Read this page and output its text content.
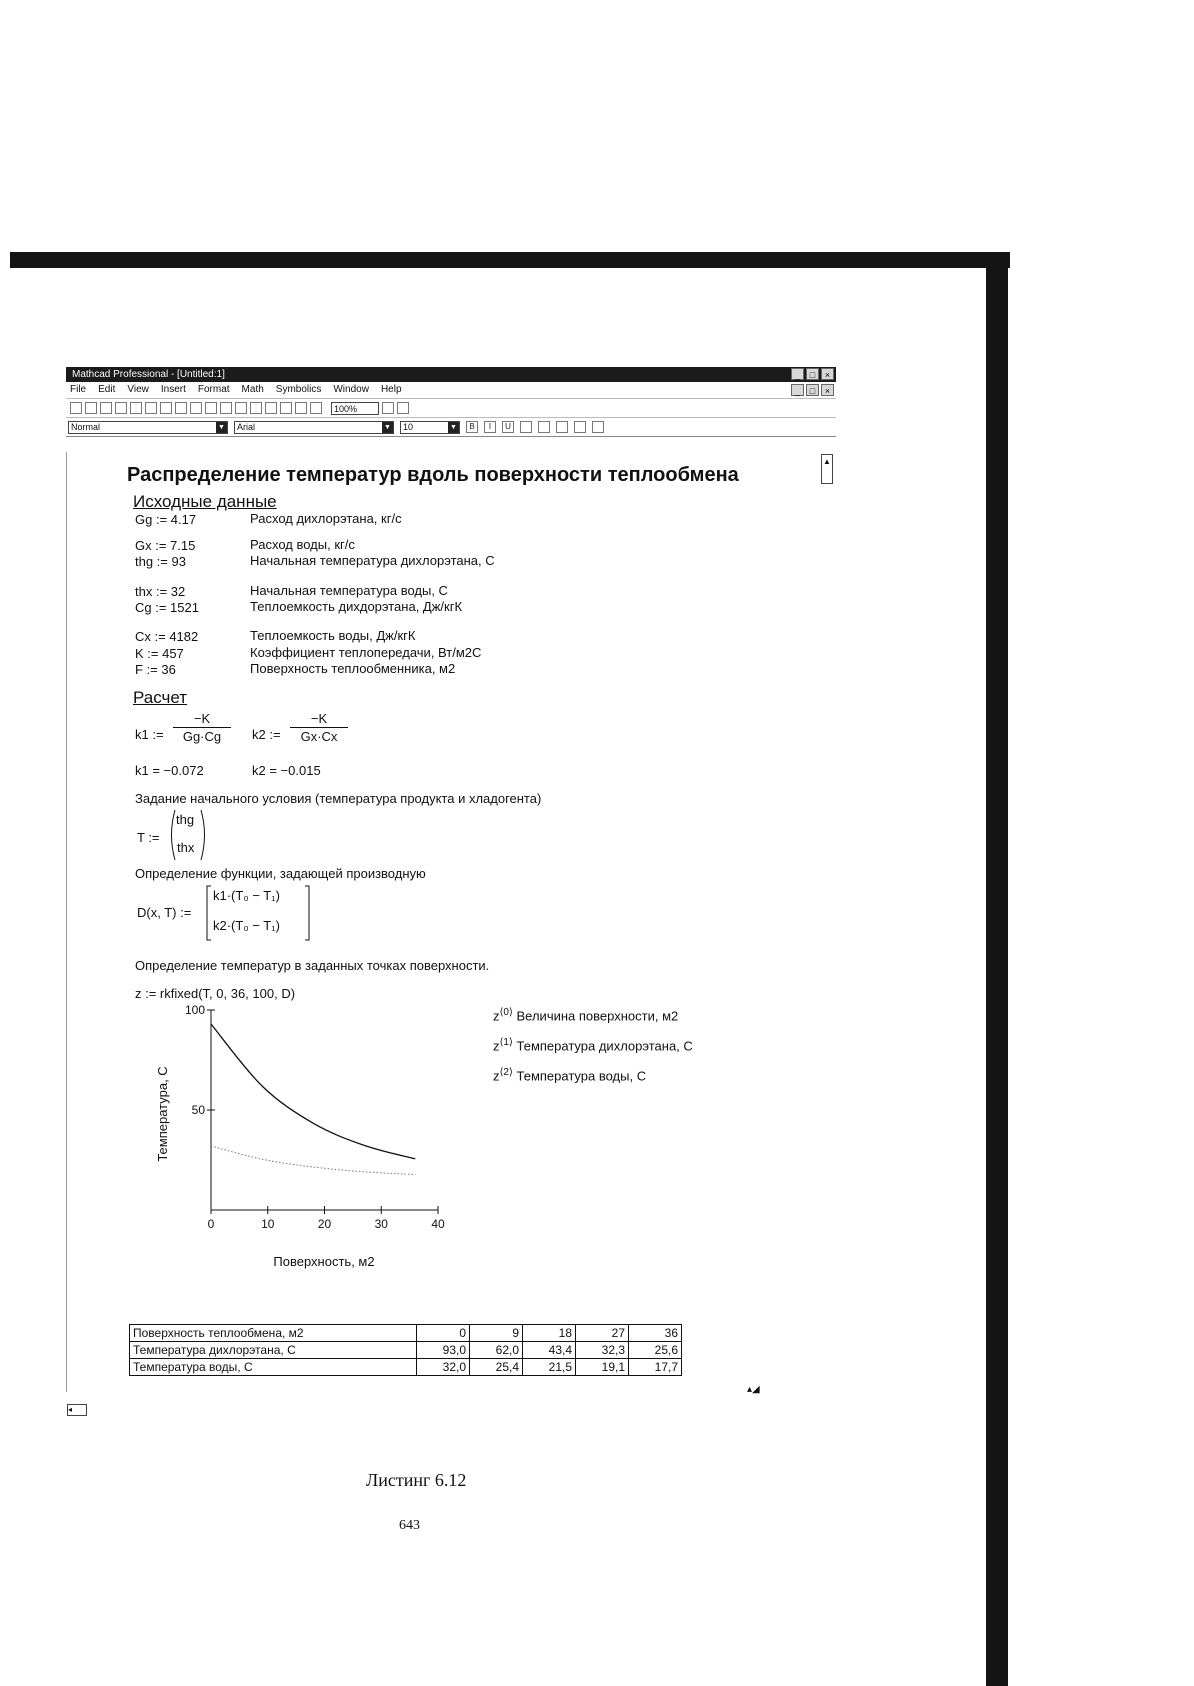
Mathcad Professional - [Untitled:1]	_	□	×
File Edit View Insert Format Math Symbolics Window Help	_	□	×
100%
Normal	▼	Arial	▼	10	▼	B	I	U
▲
Распределение температур вдоль поверхности теплообмена
Исходные данные
Gg := 4.17	Расход дихлорэтана, кг/с
Gx := 7.15	Расход воды, кг/с
thg := 93	Начальная температура дихлорэтана, С
thx := 32	Начальная температура воды, С
Cg := 1521	Теплоемкость дихдорэтана, Дж/кгК
Cx := 4182	Теплоемкость воды, Дж/кгК
K := 457	Коэффициент теплопередачи, Вт/м2С
F := 36	Поверхность теплообменника, м2
Расчет
k1 := $\frac{-K}{Gg\cdot Cg} k2$ := $\frac{-K}{Gx\cdot Cx}$
k1 = −0.072	k2 = −0.015
Задание начального условия (температура продукта и хладогента)
T :=
thg
thx
Определение функции, задающей производную
D(x, T) :=
k1·(T₀ − T₁)
k2·(T₀ − T₁)
Определение температур в заданных точках поверхности.
z := rkfixed(T, 0, 36, 100, D)
0	10	20	30	40
50
100
Температура, С
Поверхность, м2
$z^{⟨0⟩}$ Величина поверхности, м2
$z^{⟨1⟩}$ Температура дихлорэтана, С
$z^{⟨2⟩}$ Температура воды, С
Поверхность теплообмена, м2	0	9	18	27	36
Температура дихлорэтана, С	93,0	62,0	43,4	32,3	25,6
Температура воды, С	32,0	25,4	21,5	19,1	17,7
◂
▴◢
Листинг 6.12
643
